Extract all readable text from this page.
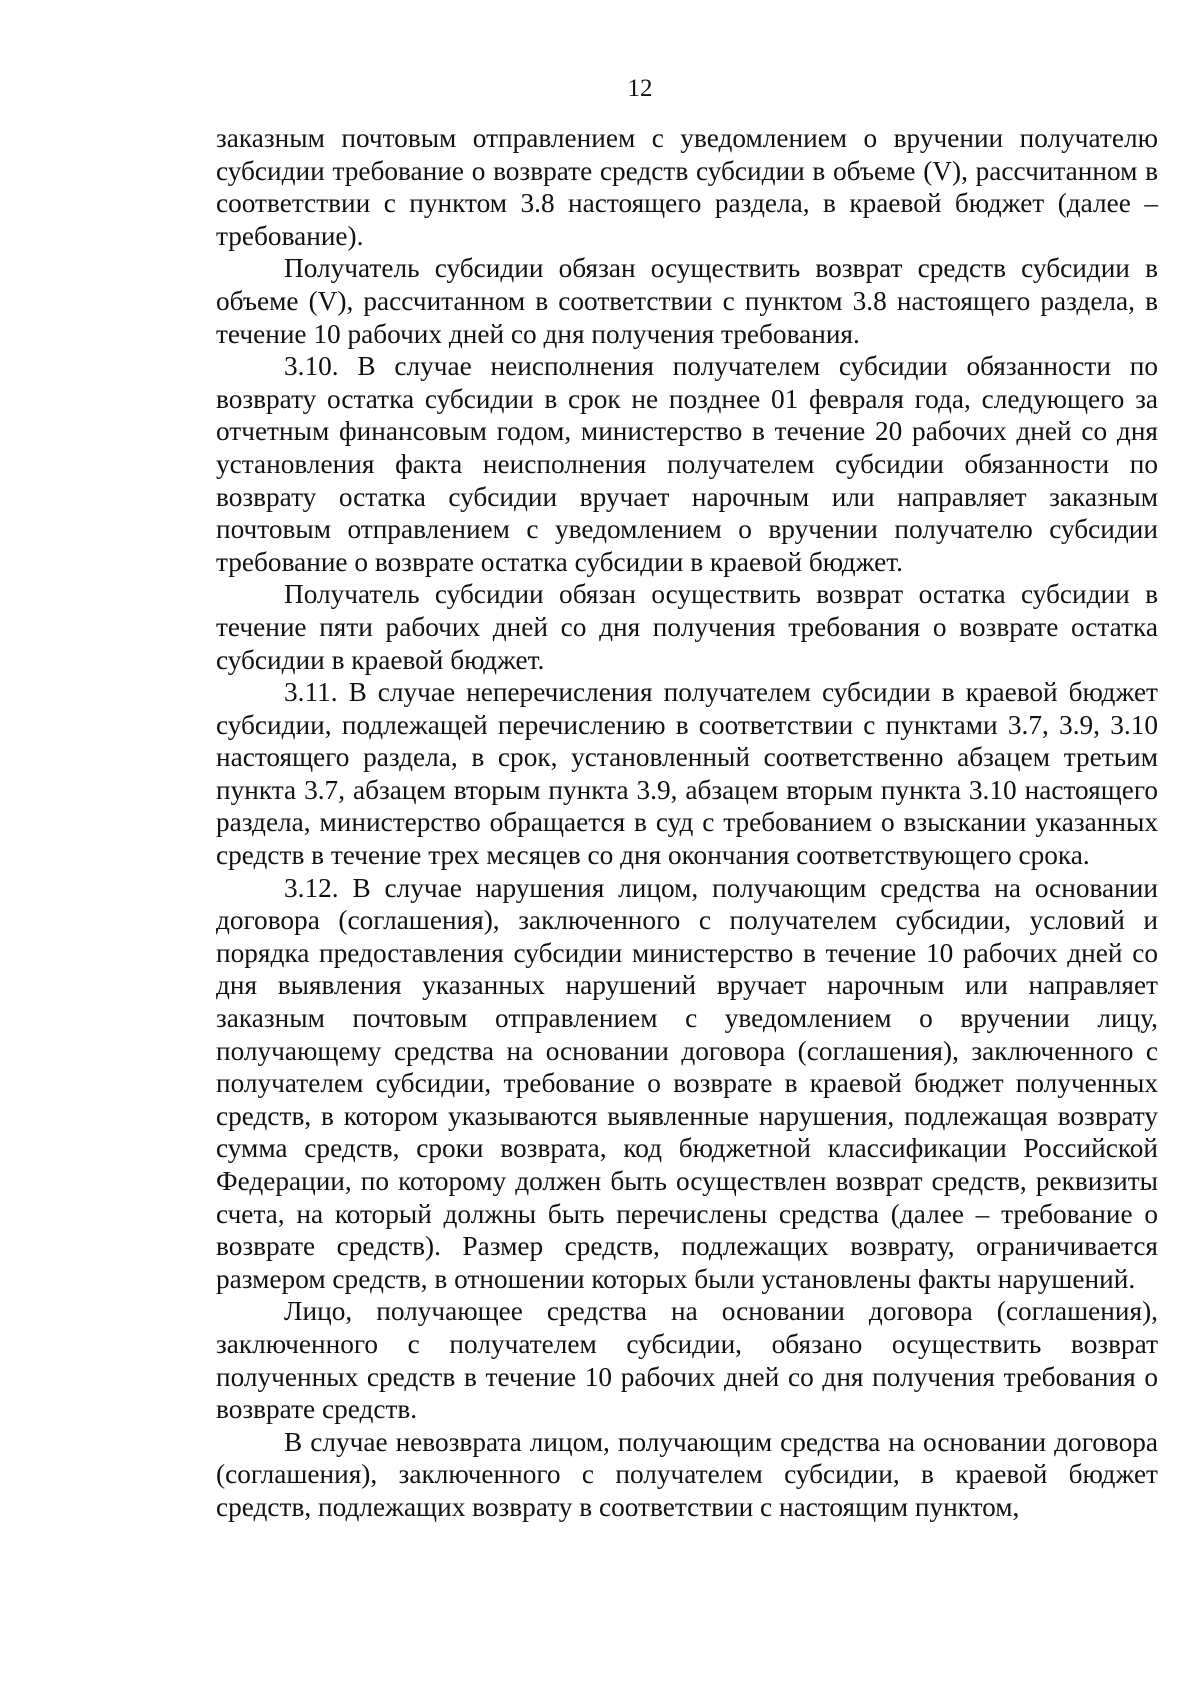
12

заказным почтовым отправлением с уведомлением о вручении получателю субсидии требование о возврате средств субсидии в объеме (V), рассчитанном в соответствии с пунктом 3.8 настоящего раздела, в краевой бюджет (далее – требование).

Получатель субсидии обязан осуществить возврат средств субсидии в объеме (V), рассчитанном в соответствии с пунктом 3.8 настоящего раздела, в течение 10 рабочих дней со дня получения требования.

3.10. В случае неисполнения получателем субсидии обязанности по возврату остатка субсидии в срок не позднее 01 февраля года, следующего за отчетным финансовым годом, министерство в течение 20 рабочих дней со дня установления факта неисполнения получателем субсидии обязанности по возврату остатка субсидии вручает нарочным или направляет заказным почтовым отправлением с уведомлением о вручении получателю субсидии требование о возврате остатка субсидии в краевой бюджет.

Получатель субсидии обязан осуществить возврат остатка субсидии в течение пяти рабочих дней со дня получения требования о возврате остатка субсидии в краевой бюджет.

3.11. В случае неперечисления получателем субсидии в краевой бюджет субсидии, подлежащей перечислению в соответствии с пунктами 3.7, 3.9, 3.10 настоящего раздела, в срок, установленный соответственно абзацем третьим пункта 3.7, абзацем вторым пункта 3.9, абзацем вторым пункта 3.10 настоящего раздела, министерство обращается в суд с требованием о взыскании указанных средств в течение трех месяцев со дня окончания соответствующего срока.

3.12. В случае нарушения лицом, получающим средства на основании договора (соглашения), заключенного с получателем субсидии, условий и порядка предоставления субсидии министерство в течение 10 рабочих дней со дня выявления указанных нарушений вручает нарочным или направляет заказным почтовым отправлением с уведомлением о вручении лицу, получающему средства на основании договора (соглашения), заключенного с получателем субсидии, требование о возврате в краевой бюджет полученных средств, в котором указываются выявленные нарушения, подлежащая возврату сумма средств, сроки возврата, код бюджетной классификации Российской Федерации, по которому должен быть осуществлен возврат средств, реквизиты счета, на который должны быть перечислены средства (далее – требование о возврате средств). Размер средств, подлежащих возврату, ограничивается размером средств, в отношении которых были установлены факты нарушений.

Лицо, получающее средства на основании договора (соглашения), заключенного с получателем субсидии, обязано осуществить возврат полученных средств в течение 10 рабочих дней со дня получения требования о возврате средств.

В случае невозврата лицом, получающим средства на основании договора (соглашения), заключенного с получателем субсидии, в краевой бюджет средств, подлежащих возврату в соответствии с настоящим пунктом,
